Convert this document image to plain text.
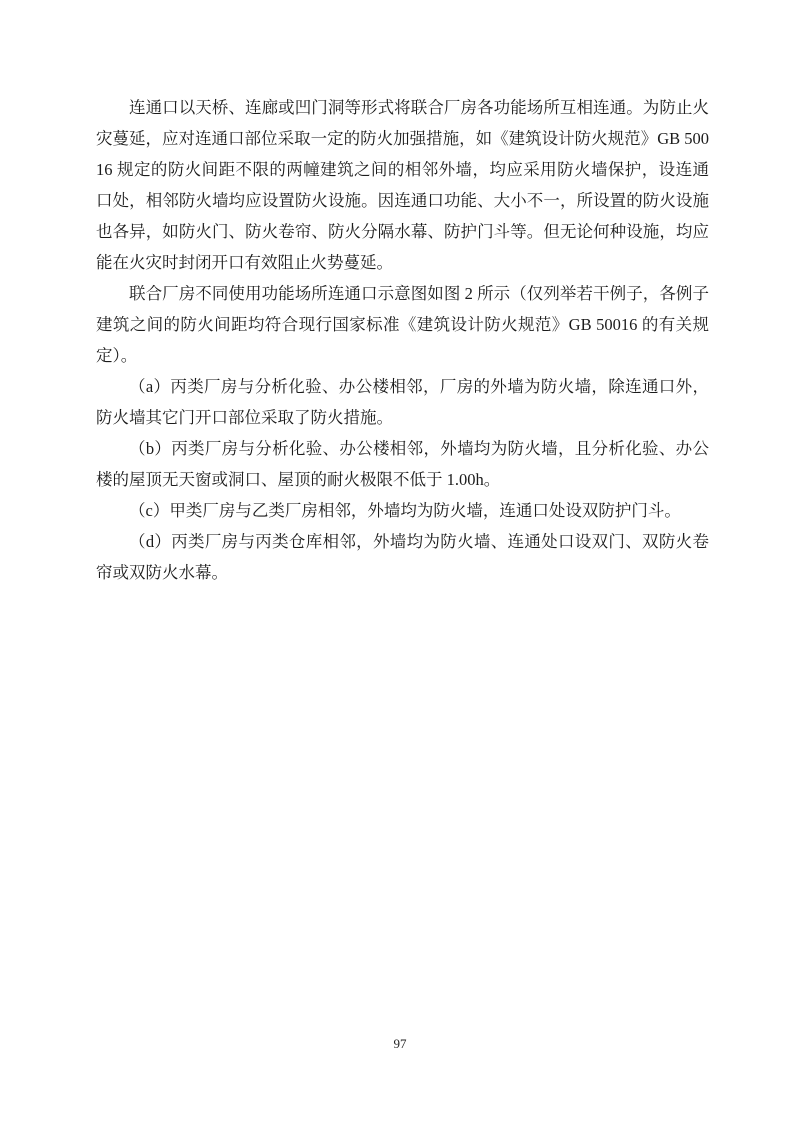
连通口以天桥、连廊或凹门洞等形式将联合厂房各功能场所互相连通。为防止火灾蔓延，应对连通口部位采取一定的防火加强措施，如《建筑设计防火规范》GB 50016 规定的防火间距不限的两幢建筑之间的相邻外墙，均应采用防火墙保护，设连通口处，相邻防火墙均应设置防火设施。因连通口功能、大小不一，所设置的防火设施也各异，如防火门、防火卷帘、防火分隔水幕、防护门斗等。但无论何种设施，均应能在火灾时封闭开口有效阻止火势蔓延。

联合厂房不同使用功能场所连通口示意图如图 2 所示（仅列举若干例子，各例子建筑之间的防火间距均符合现行国家标准《建筑设计防火规范》GB 50016 的有关规定）。

（a）丙类厂房与分析化验、办公楼相邻，厂房的外墙为防火墙，除连通口外，防火墙其它门开口部位采取了防火措施。

（b）丙类厂房与分析化验、办公楼相邻，外墙均为防火墙，且分析化验、办公楼的屋顶无天窗或洞口、屋顶的耐火极限不低于 1.00h。

（c）甲类厂房与乙类厂房相邻，外墙均为防火墙，连通口处设双防护门斗。

（d）丙类厂房与丙类仓库相邻，外墙均为防火墙、连通处口设双门、双防火卷帘或双防火水幕。

97
